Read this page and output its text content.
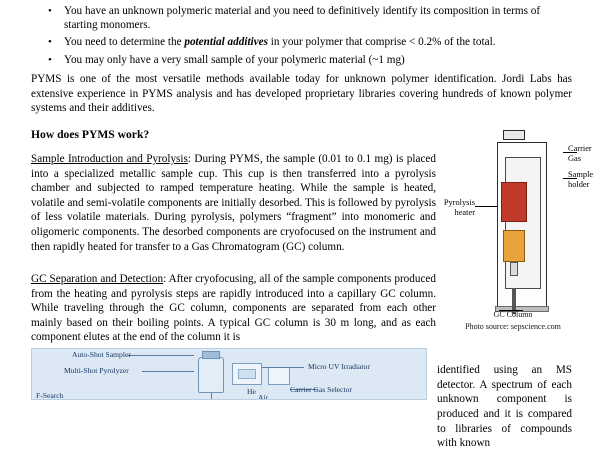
• You have an unknown polymeric material and you need to definitively identify its composition in terms of starting monomers.
• You need to determine the potential additives in your polymer that comprise < 0.2% of the total.
• You may only have a very small sample of your polymeric material (~1 mg)

PYMS is one of the most versatile methods available today for unknown polymer identification. Jordi Labs has extensive experience in PYMS analysis and has developed proprietary libraries covering hundreds of known polymer systems and their additives.

How does PYMS work?

Sample Introduction and Pyrolysis: During PYMS, the sample (0.01 to 0.1 mg) is placed into a specialized metallic sample cup. This cup is then transferred into a pyrolysis chamber and subjected to ramped temperature heating. While the sample is heated, volatile and semi-volatile components are initially desorbed. This is followed by pyrolysis of less volatile materials. During pyrolysis, polymers “fragment” into monomeric and oligomeric components. The desorbed components are cryofocused on the instrument and then rapidly heated for transfer to a Gas Chromatogram (GC) column.

GC Separation and Detection: After cryofocusing, all of the sample components produced from the heating and pyrolysis steps are rapidly introduced into a capillary GC column. While traveling through the GC column, components are separated from each other mainly based on their boiling points. A typical GC column is 30 m long, and as each component elutes at the end of the column it is

identified using an MS detector. A spectrum of each unknown component is produced and it is compared to libraries of compounds with known

Carrier Gas
Sample holder
Pyrolysis heater
GC Column
Photo source: sepscience.com
Auto-Shot Sampler
Multi-Shot Pyrolyzer
F-Search
Micro UV Irradiator
Carrier Gas Selector
He
Air
